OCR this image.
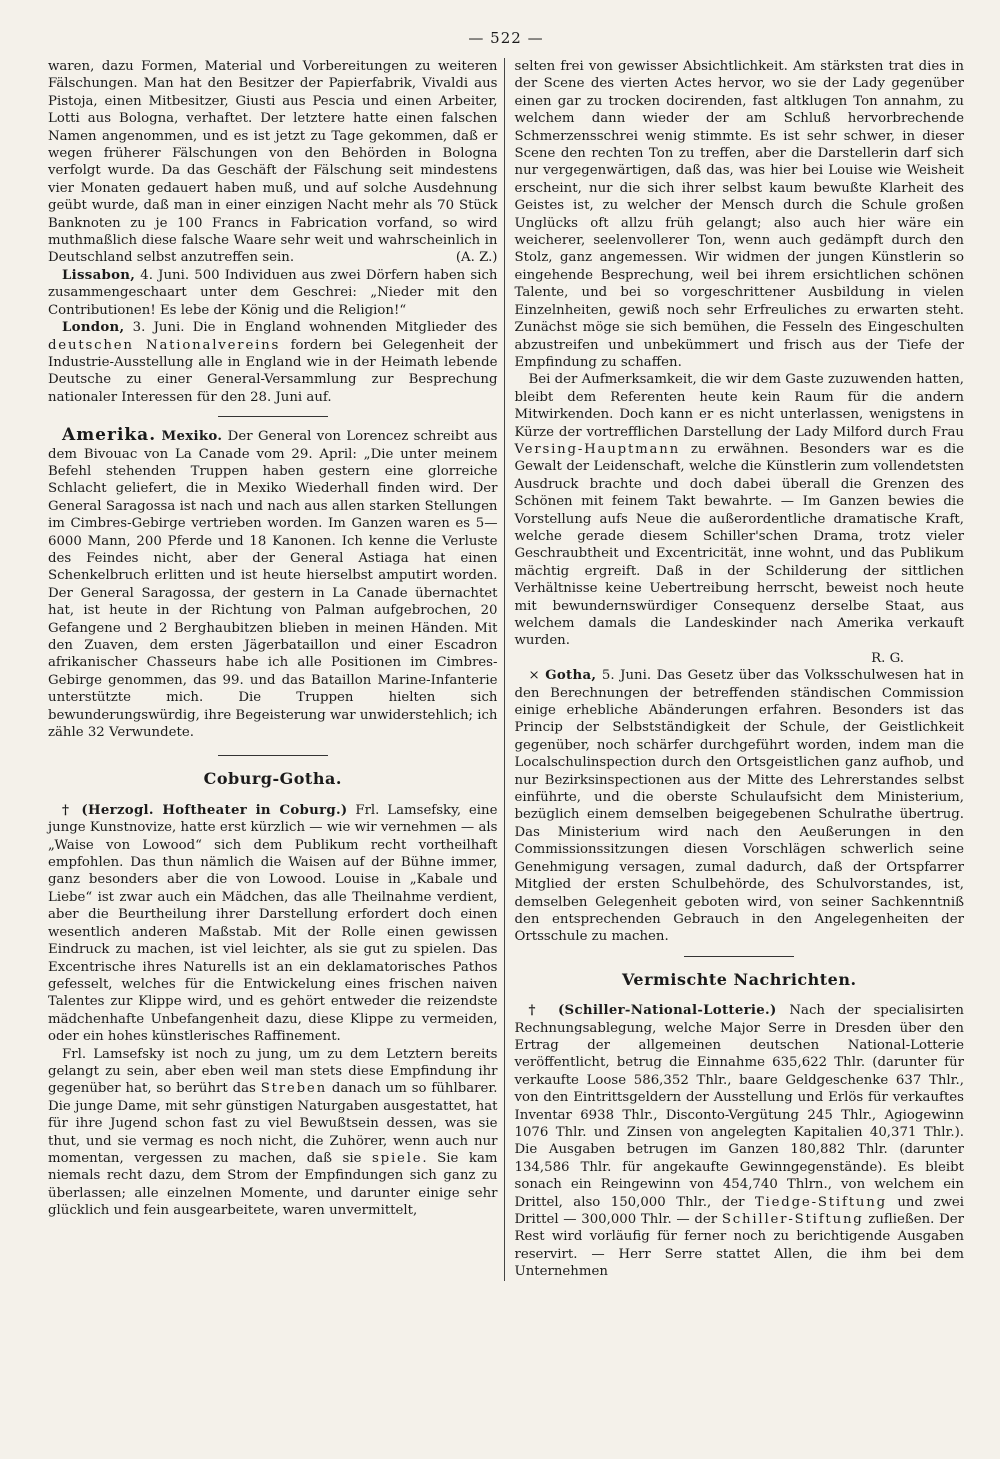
— 522 —

waren, dazu Formen, Material und Vorbereitungen zu weiteren Fälschungen. Man hat den Besitzer der Papierfabrik, Vivaldi aus Pistoja, einen Mitbesitzer, Giusti aus Pescia und einen Arbeiter, Lotti aus Bologna, verhaftet. Der letztere hatte einen falschen Namen angenommen, und es ist jetzt zu Tage gekommen, daß er wegen früherer Fälschungen von den Behörden in Bologna verfolgt wurde. Da das Geschäft der Fälschung seit mindestens vier Monaten gedauert haben muß, und auf solche Ausdehnung geübt wurde, daß man in einer einzigen Nacht mehr als 70 Stück Banknoten zu je 100 Francs in Fabrication vorfand, so wird muthmaßlich diese falsche Waare sehr weit und wahrscheinlich in Deutschland selbst anzutreffen sein.	(A. Z.)

Lissabon, 4. Juni. 500 Individuen aus zwei Dörfern haben sich zusammengeschaart unter dem Geschrei: „Nieder mit den Contributionen! Es lebe der König und die Religion!“

London, 3. Juni. Die in England wohnenden Mitglieder des deutschen Nationalvereins fordern bei Gelegenheit der Industrie-Ausstellung alle in England wie in der Heimath lebende Deutsche zu einer General-Versammlung zur Besprechung nationaler Interessen für den 28. Juni auf.

Amerika. Mexiko. Der General von Lorencez schreibt aus dem Bivouac von La Canade vom 29. April: „Die unter meinem Befehl stehenden Truppen haben gestern eine glorreiche Schlacht geliefert, die in Mexiko Wiederhall finden wird. Der General Saragossa ist nach und nach aus allen starken Stellungen im Cimbres-Gebirge vertrieben worden. Im Ganzen waren es 5—6000 Mann, 200 Pferde und 18 Kanonen. Ich kenne die Verluste des Feindes nicht, aber der General Astiaga hat einen Schenkelbruch erlitten und ist heute hierselbst amputirt worden. Der General Saragossa, der gestern in La Canade übernachtet hat, ist heute in der Richtung von Palman aufgebrochen, 20 Gefangene und 2 Berghaubitzen blieben in meinen Händen. Mit den Zuaven, dem ersten Jägerbataillon und einer Escadron afrikanischer Chasseurs habe ich alle Positionen im Cimbres-Gebirge genommen, das 99. und das Bataillon Marine-Infanterie unterstützte mich. Die Truppen hielten sich bewunderungswürdig, ihre Begeisterung war unwiderstehlich; ich zähle 32 Verwundete.

Coburg-Gotha.

† (Herzogl. Hoftheater in Coburg.) Frl. Lamsefsky, eine junge Kunstnovize, hatte erst kürzlich — wie wir vernehmen — als „Waise von Lowood“ sich dem Publikum recht vortheilhaft empfohlen. Das thun nämlich die Waisen auf der Bühne immer, ganz besonders aber die von Lowood. Louise in „Kabale und Liebe“ ist zwar auch ein Mädchen, das alle Theilnahme verdient, aber die Beurtheilung ihrer Darstellung erfordert doch einen wesentlich anderen Maßstab. Mit der Rolle einen gewissen Eindruck zu machen, ist viel leichter, als sie gut zu spielen. Das Excentrische ihres Naturells ist an ein deklamatorisches Pathos gefesselt, welches für die Entwickelung eines frischen naiven Talentes zur Klippe wird, und es gehört entweder die reizendste mädchenhafte Unbefangenheit dazu, diese Klippe zu vermeiden, oder ein hohes künstlerisches Raffinement.

Frl. Lamsefsky ist noch zu jung, um zu dem Letztern bereits gelangt zu sein, aber eben weil man stets diese Empfindung ihr gegenüber hat, so berührt das Streben danach um so fühlbarer. Die junge Dame, mit sehr günstigen Naturgaben ausgestattet, hat für ihre Jugend schon fast zu viel Bewußtsein dessen, was sie thut, und sie vermag es noch nicht, die Zuhörer, wenn auch nur momentan, vergessen zu machen, daß sie spiele. Sie kam niemals recht dazu, dem Strom der Empfindungen sich ganz zu überlassen; alle einzelnen Momente, und darunter einige sehr glücklich und fein ausgearbeitete, waren unvermittelt,

selten frei von gewisser Absichtlichkeit. Am stärksten trat dies in der Scene des vierten Actes hervor, wo sie der Lady gegenüber einen gar zu trocken docirenden, fast altklugen Ton annahm, zu welchem dann wieder der am Schluß hervorbrechende Schmerzensschrei wenig stimmte. Es ist sehr schwer, in dieser Scene den rechten Ton zu treffen, aber die Darstellerin darf sich nur vergegenwärtigen, daß das, was hier bei Louise wie Weisheit erscheint, nur die sich ihrer selbst kaum bewußte Klarheit des Geistes ist, zu welcher der Mensch durch die Schule großen Unglücks oft allzu früh gelangt; also auch hier wäre ein weicherer, seelenvollerer Ton, wenn auch gedämpft durch den Stolz, ganz angemessen. Wir widmen der jungen Künstlerin so eingehende Besprechung, weil bei ihrem ersichtlichen schönen Talente, und bei so vorgeschrittener Ausbildung in vielen Einzelnheiten, gewiß noch sehr Erfreuliches zu erwarten steht. Zunächst möge sie sich bemühen, die Fesseln des Eingeschulten abzustreifen und unbekümmert und frisch aus der Tiefe der Empfindung zu schaffen.

Bei der Aufmerksamkeit, die wir dem Gaste zuzuwenden hatten, bleibt dem Referenten heute kein Raum für die andern Mitwirkenden. Doch kann er es nicht unterlassen, wenigstens in Kürze der vortrefflichen Darstellung der Lady Milford durch Frau Versing-Hauptmann zu erwähnen. Besonders war es die Gewalt der Leidenschaft, welche die Künstlerin zum vollendetsten Ausdruck brachte und doch dabei überall die Grenzen des Schönen mit feinem Takt bewahrte. — Im Ganzen bewies die Vorstellung aufs Neue die außerordentliche dramatische Kraft, welche gerade diesem Schiller'schen Drama, trotz vieler Geschraubtheit und Excentricität, inne wohnt, und das Publikum mächtig ergreift. Daß in der Schilderung der sittlichen Verhältnisse keine Uebertreibung herrscht, beweist noch heute mit bewundernswürdiger Consequenz derselbe Staat, aus welchem damals die Landeskinder nach Amerika verkauft wurden.

R. G.

× Gotha, 5. Juni. Das Gesetz über das Volksschulwesen hat in den Berechnungen der betreffenden ständischen Commission einige erhebliche Abänderungen erfahren. Besonders ist das Princip der Selbstständigkeit der Schule, der Geistlichkeit gegenüber, noch schärfer durchgeführt worden, indem man die Localschulinspection durch den Ortsgeistlichen ganz aufhob, und nur Bezirksinspectionen aus der Mitte des Lehrerstandes selbst einführte, und die oberste Schulaufsicht dem Ministerium, bezüglich einem demselben beigegebenen Schulrathe übertrug. Das Ministerium wird nach den Aeußerungen in den Commissionssitzungen diesen Vorschlägen schwerlich seine Genehmigung versagen, zumal dadurch, daß der Ortspfarrer Mitglied der ersten Schulbehörde, des Schulvorstandes, ist, demselben Gelegenheit geboten wird, von seiner Sachkenntniß den entsprechenden Gebrauch in den Angelegenheiten der Ortsschule zu machen.

Vermischte Nachrichten.

† (Schiller-National-Lotterie.) Nach der specialisirten Rechnungsablegung, welche Major Serre in Dresden über den Ertrag der allgemeinen deutschen National-Lotterie veröffentlicht, betrug die Einnahme 635,622 Thlr. (darunter für verkaufte Loose 586,352 Thlr., baare Geldgeschenke 637 Thlr., von den Eintrittsgeldern der Ausstellung und Erlös für verkauftes Inventar 6938 Thlr., Disconto-Vergütung 245 Thlr., Agiogewinn 1076 Thlr. und Zinsen von angelegten Kapitalien 40,371 Thlr.). Die Ausgaben betrugen im Ganzen 180,882 Thlr. (darunter 134,586 Thlr. für angekaufte Gewinngegenstände). Es bleibt sonach ein Reingewinn von 454,740 Thlrn., von welchem ein Drittel, also 150,000 Thlr., der Tiedge-Stiftung und zwei Drittel — 300,000 Thlr. — der Schiller-Stiftung zufließen. Der Rest wird vorläufig für ferner noch zu berichtigende Ausgaben reservirt. — Herr Serre stattet Allen, die ihm bei dem Unternehmen
